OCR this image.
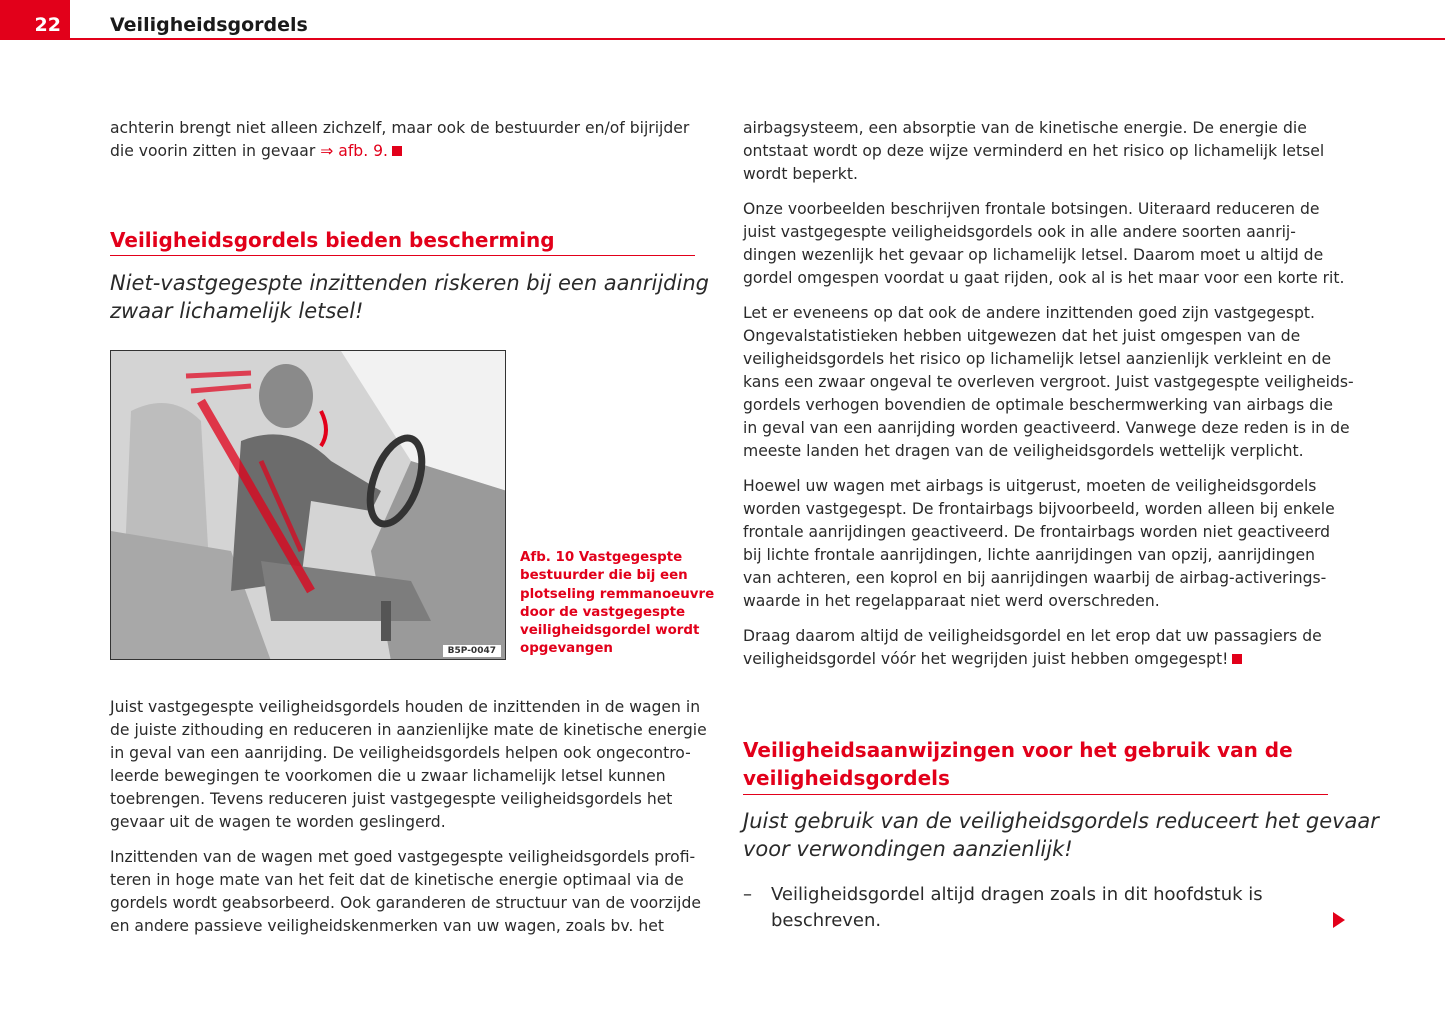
22	Veiligheidsgordels
achterin brengt niet alleen zichzelf, maar ook de bestuurder en/of bijrijder
die voorin zitten in gevaar ⇒ afb. 9.
Veiligheidsgordels bieden bescherming
Niet-vastgegespte inzittenden riskeren bij een aanrijding
zwaar lichamelijk letsel!
B5P-0047
Afb. 10 Vastgegespte
bestuurder die bij een
plotseling remmanoeuvre
door de vastgegespte
veiligheidsgordel wordt
opgevangen
Juist vastgegespte veiligheidsgordels houden de inzittenden in de wagen in
de juiste zithouding en reduceren in aanzienlijke mate de kinetische energie
in geval van een aanrijding. De veiligheidsgordels helpen ook ongecontro-
leerde bewegingen te voorkomen die u zwaar lichamelijk letsel kunnen
toebrengen. Tevens reduceren juist vastgegespte veiligheidsgordels het
gevaar uit de wagen te worden geslingerd.
Inzittenden van de wagen met goed vastgegespte veiligheidsgordels profi-
teren in hoge mate van het feit dat de kinetische energie optimaal via de
gordels wordt geabsorbeerd. Ook garanderen de structuur van de voorzijde
en andere passieve veiligheidskenmerken van uw wagen, zoals bv. het
airbagsysteem, een absorptie van de kinetische energie. De energie die
ontstaat wordt op deze wijze verminderd en het risico op lichamelijk letsel
wordt beperkt.
Onze voorbeelden beschrijven frontale botsingen. Uiteraard reduceren de
juist vastgegespte veiligheidsgordels ook in alle andere soorten aanrij-
dingen wezenlijk het gevaar op lichamelijk letsel. Daarom moet u altijd de
gordel omgespen voordat u gaat rijden, ook al is het maar voor een korte rit.
Let er eveneens op dat ook de andere inzittenden goed zijn vastgegespt.
Ongevalstatistieken hebben uitgewezen dat het juist omgespen van de
veiligheidsgordels het risico op lichamelijk letsel aanzienlijk verkleint en de
kans een zwaar ongeval te overleven vergroot. Juist vastgegespte veiligheids-
gordels verhogen bovendien de optimale beschermwerking van airbags die
in geval van een aanrijding worden geactiveerd. Vanwege deze reden is in de
meeste landen het dragen van de veiligheidsgordels wettelijk verplicht.
Hoewel uw wagen met airbags is uitgerust, moeten de veiligheidsgordels
worden vastgegespt. De frontairbags bijvoorbeeld, worden alleen bij enkele
frontale aanrijdingen geactiveerd. De frontairbags worden niet geactiveerd
bij lichte frontale aanrijdingen, lichte aanrijdingen van opzij, aanrijdingen
van achteren, een koprol en bij aanrijdingen waarbij de airbag-activerings-
waarde in het regelapparaat niet werd overschreden.
Draag daarom altijd de veiligheidsgordel en let erop dat uw passagiers de
veiligheidsgordel vóór het wegrijden juist hebben omgegespt!
Veiligheidsaanwijzingen voor het gebruik van de
veiligheidsgordels
Juist gebruik van de veiligheidsgordels reduceert het gevaar
voor verwondingen aanzienlijk!
– Veiligheidsgordel altijd dragen zoals in dit hoofdstuk is
beschreven.
